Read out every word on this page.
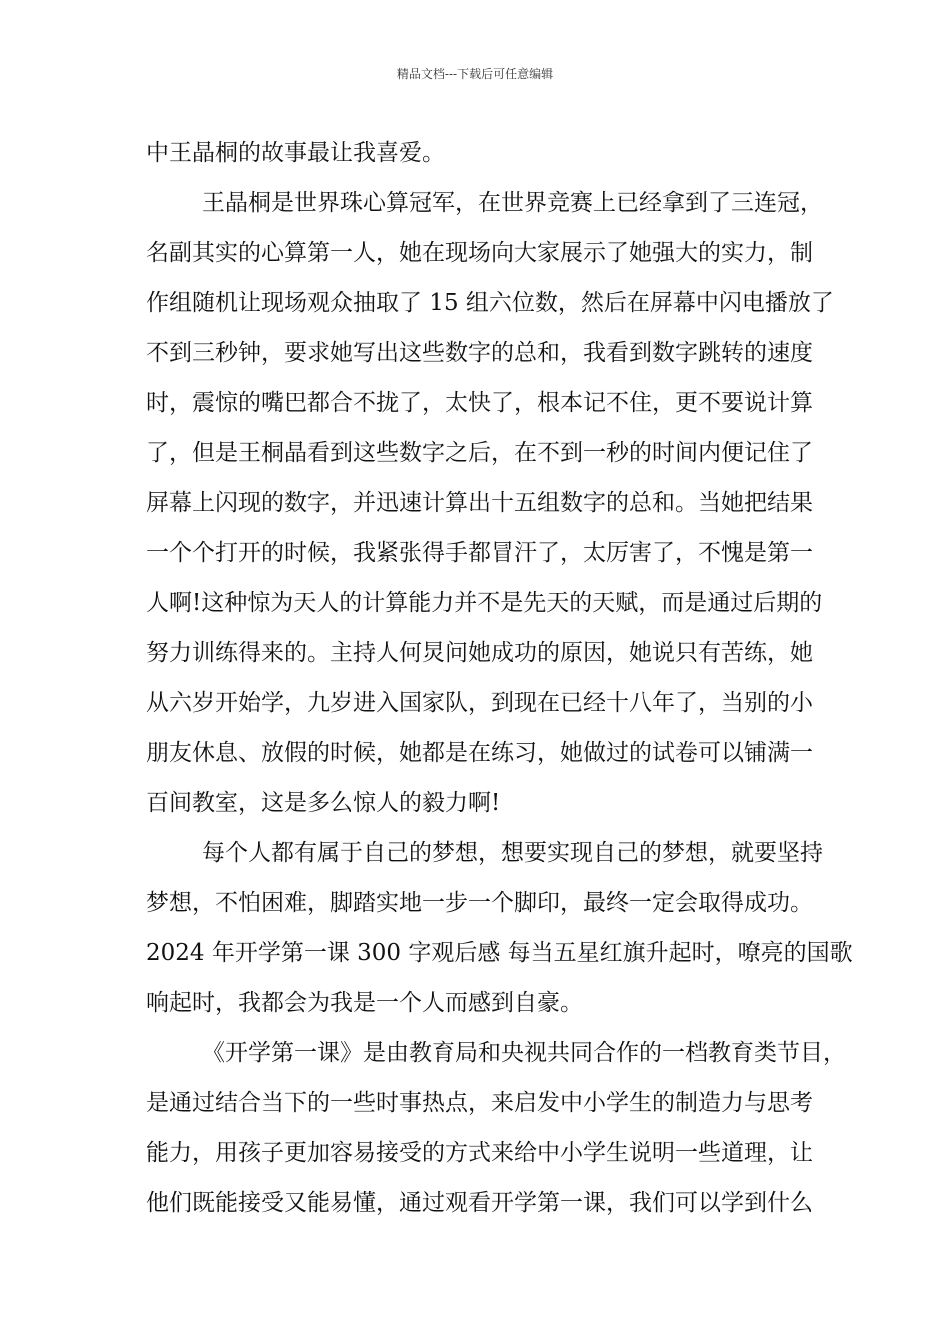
精品文档---下载后可任意编辑
中王晶桐的故事最让我喜爱。
王晶桐是世界珠心算冠军，在世界竞赛上已经拿到了三连冠，
名副其实的心算第一人，她在现场向大家展示了她强大的实力，制
作组随机让现场观众抽取了 15 组六位数，然后在屏幕中闪电播放了
不到三秒钟，要求她写出这些数字的总和，我看到数字跳转的速度
时，震惊的嘴巴都合不拢了，太快了，根本记不住，更不要说计算
了，但是王桐晶看到这些数字之后，在不到一秒的时间内便记住了
屏幕上闪现的数字，并迅速计算出十五组数字的总和。当她把结果
一个个打开的时候，我紧张得手都冒汗了，太厉害了，不愧是第一
人啊!这种惊为天人的计算能力并不是先天的天赋，而是通过后期的
努力训练得来的。主持人何炅问她成功的原因，她说只有苦练，她
从六岁开始学，九岁进入国家队，到现在已经十八年了，当别的小
朋友休息、放假的时候，她都是在练习，她做过的试卷可以铺满一
百间教室，这是多么惊人的毅力啊!
每个人都有属于自己的梦想，想要实现自己的梦想，就要坚持
梦想，不怕困难，脚踏实地一步一个脚印，最终一定会取得成功。
2024 年开学第一课 300 字观后感 每当五星红旗升起时，嘹亮的国歌
响起时，我都会为我是一个人而感到自豪。
《开学第一课》是由教育局和央视共同合作的一档教育类节目，
是通过结合当下的一些时事热点，来启发中小学生的制造力与思考
能力，用孩子更加容易接受的方式来给中小学生说明一些道理，让
他们既能接受又能易懂，通过观看开学第一课，我们可以学到什么
